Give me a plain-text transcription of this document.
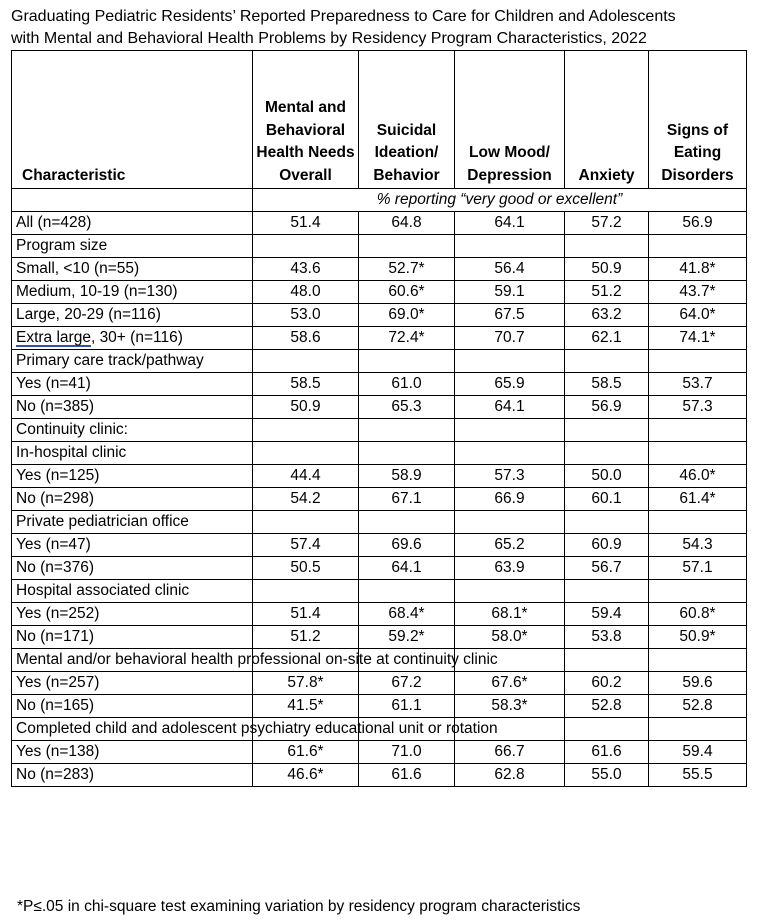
Graduating Pediatric Residents’ Reported Preparedness to Care for Children and Adolescents
with Mental and Behavioral Health Problems by Residency Program Characteristics, 2022
Characteristic	Mental and Behavioral Health Needs Overall	Suicidal Ideation/ Behavior	Low Mood/ Depression	Anxiety	Signs of Eating Disorders
	% reporting “very good or excellent”				
All (n=428)	51.4	64.8	64.1	57.2	56.9
Program size					
Small, <10 (n=55)	43.6	52.7*	56.4	50.9	41.8*
Medium, 10-19 (n=130)	48.0	60.6*	59.1	51.2	43.7*
Large, 20-29 (n=116)	53.0	69.0*	67.5	63.2	64.0*
Extra large, 30+ (n=116)	58.6	72.4*	70.7	62.1	74.1*
Primary care track/pathway					
Yes (n=41)	58.5	61.0	65.9	58.5	53.7
No (n=385)	50.9	65.3	64.1	56.9	57.3
Continuity clinic:					
In-hospital clinic					
Yes (n=125)	44.4	58.9	57.3	50.0	46.0*
No (n=298)	54.2	67.1	66.9	60.1	61.4*
Private pediatrician office					
Yes (n=47)	57.4	69.6	65.2	60.9	54.3
No (n=376)	50.5	64.1	63.9	56.7	57.1
Hospital associated clinic					
Yes (n=252)	51.4	68.4*	68.1*	59.4	60.8*
No (n=171)	51.2	59.2*	58.0*	53.8	50.9*
Mental and/or behavioral health professional on-site at continuity clinic					
Yes (n=257)	57.8*	67.2	67.6*	60.2	59.6
No (n=165)	41.5*	61.1	58.3*	52.8	52.8
Completed child and adolescent psychiatry educational unit or rotation					
Yes (n=138)	61.6*	71.0	66.7	61.6	59.4
No (n=283)	46.6*	61.6	62.8	55.0	55.5
*P≤.05 in chi-square test examining variation by residency program characteristics
